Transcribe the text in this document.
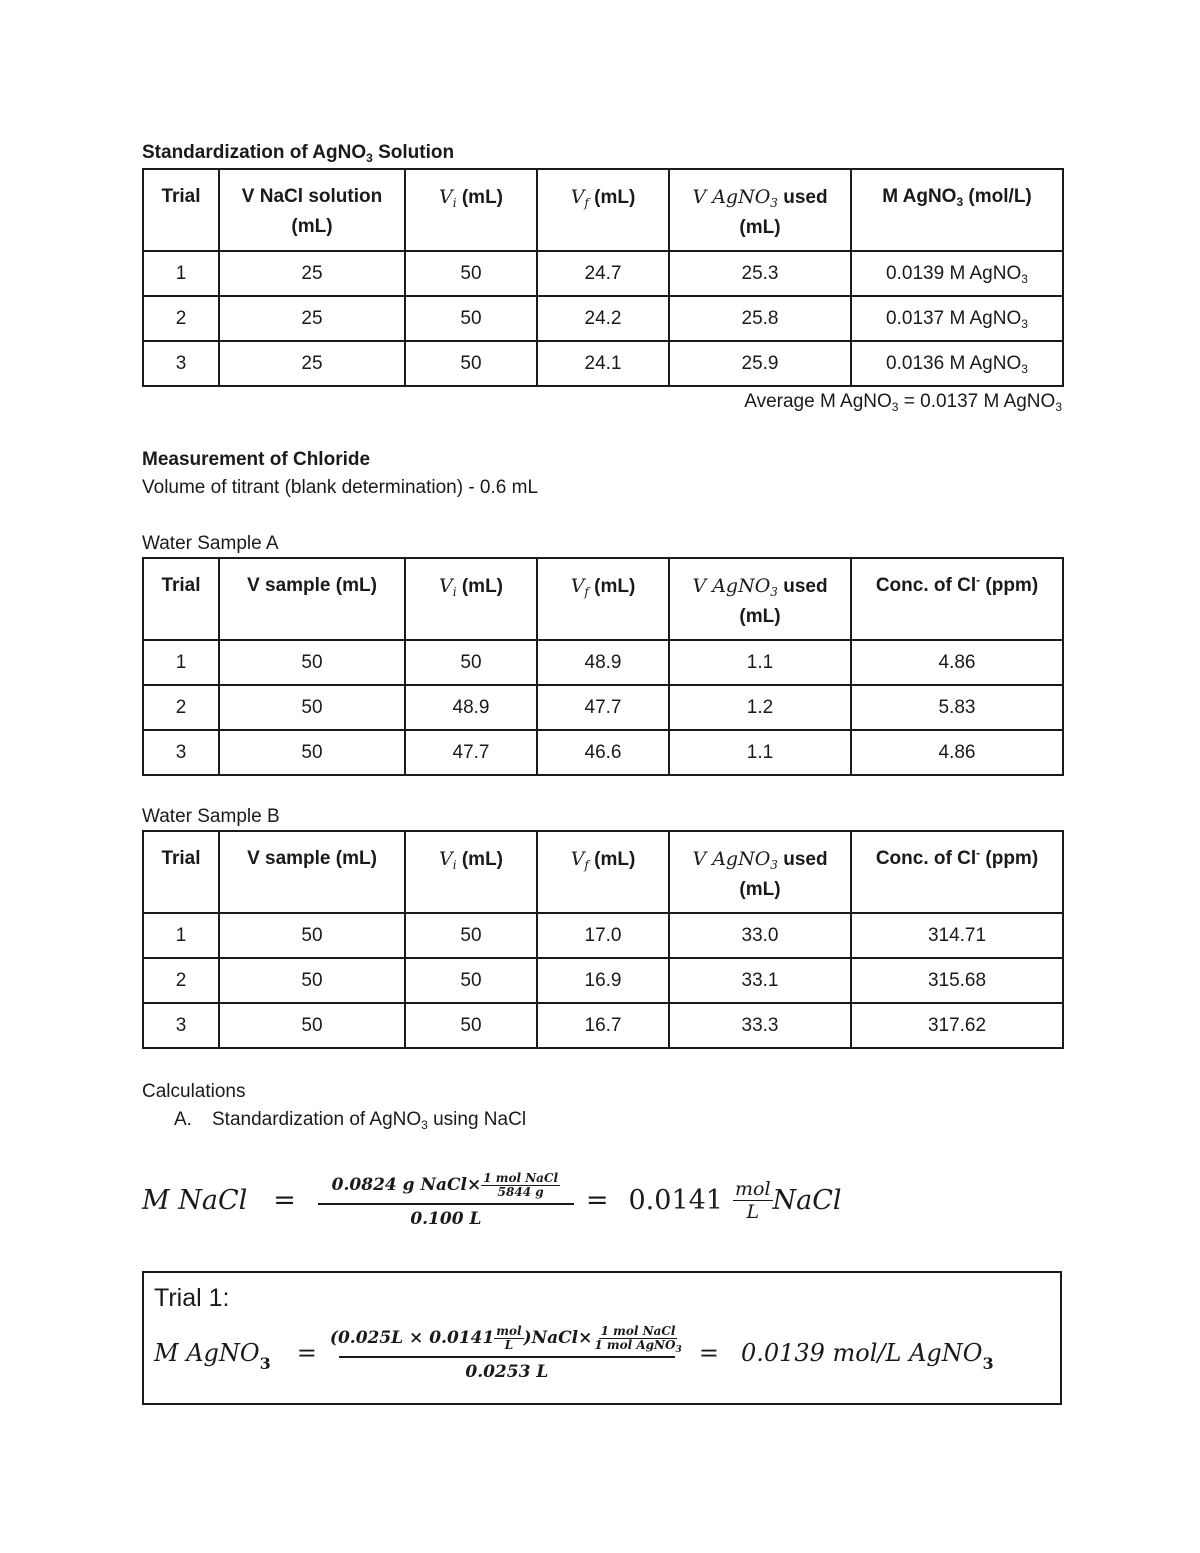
Standardization of AgNO$_3$ Solution
Trial	V NaCl solution (mL)	$V_i$ (mL)	$V_f$ (mL)	V AgNO$_3$ used (mL)	M AgNO$_3$ (mol/L)
1	25	50	24.7	25.3	0.0139 M AgNO$_3$
2	25	50	24.2	25.8	0.0137 M AgNO$_3$
3	25	50	24.1	25.9	0.0136 M AgNO$_3$
Average M AgNO$_3$ = 0.0137 M AgNO$_3$
Measurement of Chloride
Volume of titrant (blank determination) - 0.6 mL
Water Sample A
Trial	V sample (mL)	$V_i$ (mL)	$V_f$ (mL)	V AgNO$_3$ used (mL)	Conc. of Cl- (ppm)
1	50	50	48.9	1.1	4.86
2	50	48.9	47.7	1.2	5.83
3	50	47.7	46.6	1.1	4.86
Water Sample B
Trial	V sample (mL)	$V_i$ (mL)	$V_f$ (mL)	V AgNO$_3$ used (mL)	Conc. of Cl- (ppm)
1	50	50	17.0	33.0	314.71
2	50	50	16.9	33.1	315.68
3	50	50	16.7	33.3	317.62
Calculations
A. Standardization of AgNO$_3$ using NaCl
M NaCl = 0.0824 g NaCl× 1 mol NaCl
5844 g
0.100 L = 0.0141 mol
L NaCl
Trial 1:
M AgNO$_3$ =
(0.025L × 0.0141 mol
L )NaCl× 1 mol NaCl
1 mol AgNO$_3$
0.0253 L
= 0.0139 mol/L AgNO$_3$
